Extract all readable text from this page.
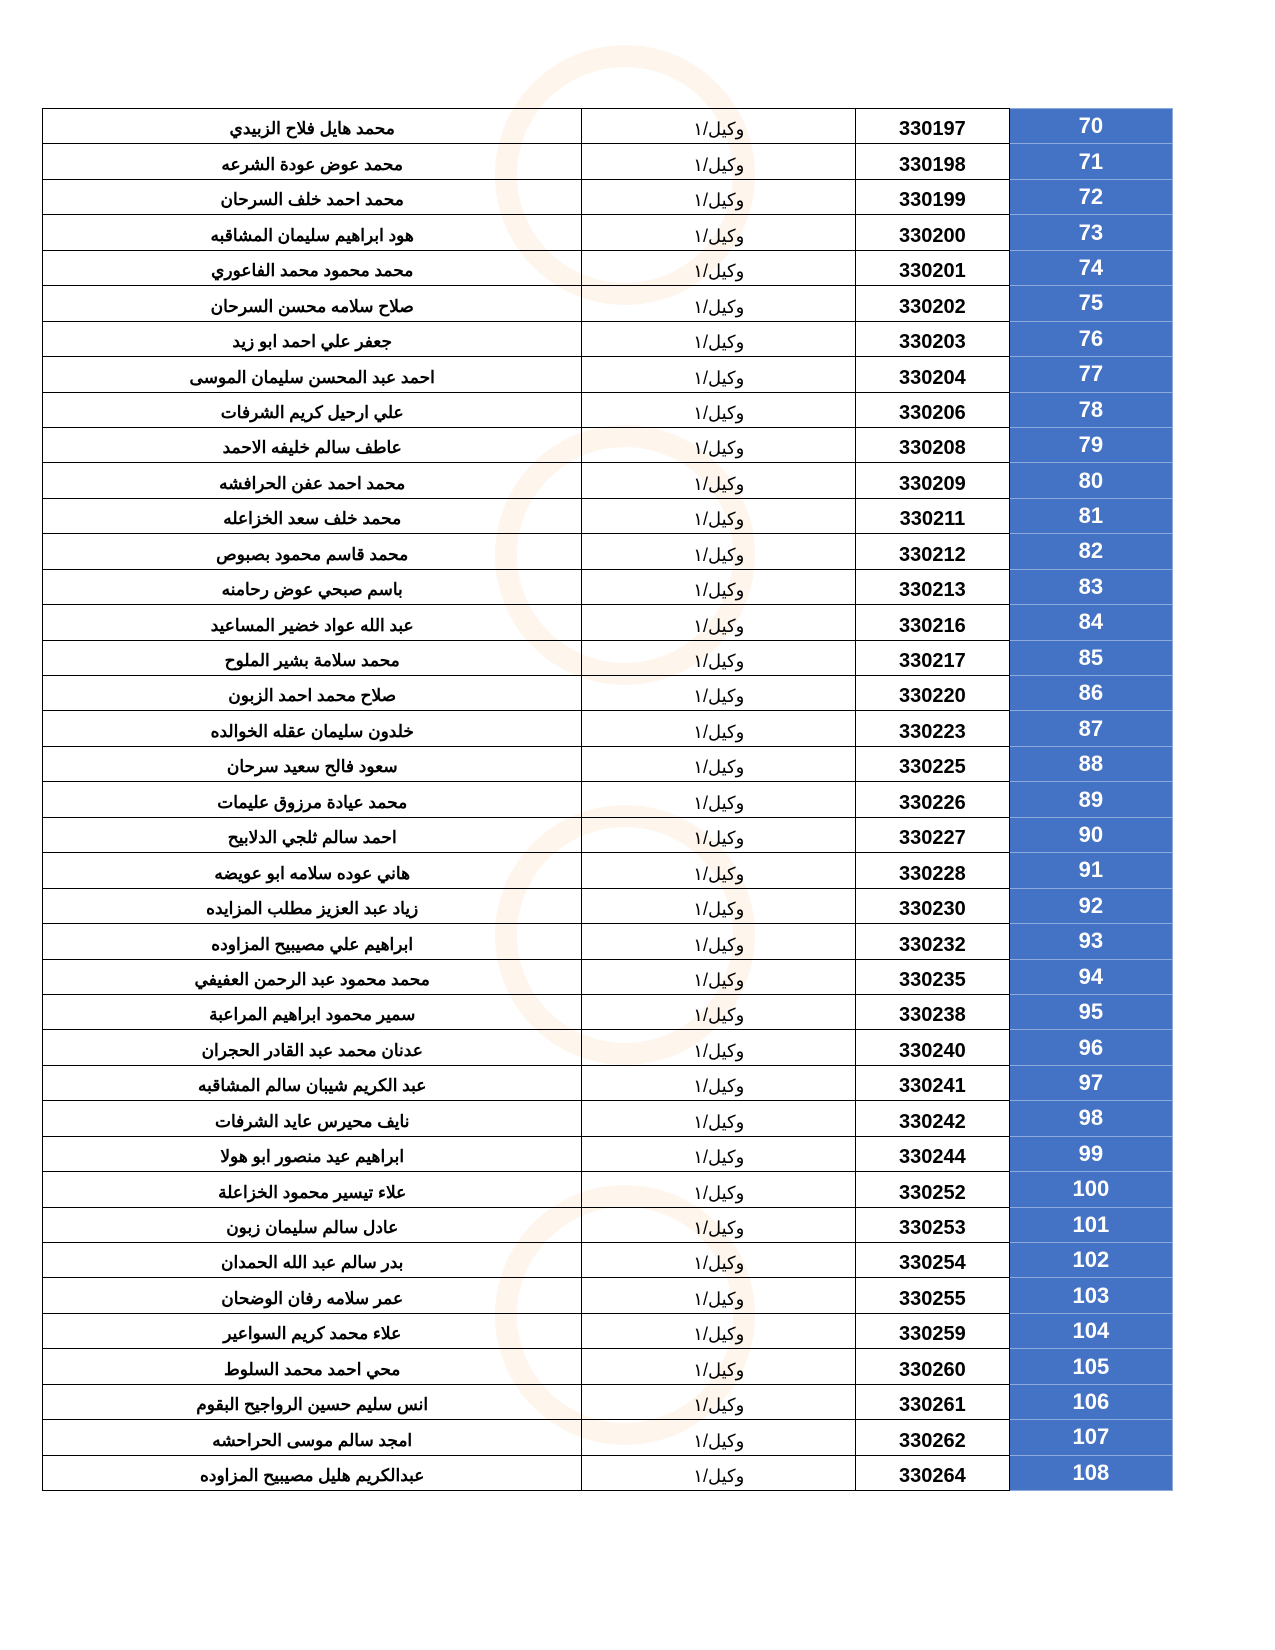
محمد هايل فلاح الزبيدي	وكيل/١	330197	70
محمد عوض عودة الشرعه	وكيل/١	330198	71
محمد احمد خلف السرحان	وكيل/١	330199	72
هود ابراهيم سليمان المشاقبه	وكيل/١	330200	73
محمد محمود محمد الفاعوري	وكيل/١	330201	74
صلاح سلامه محسن السرحان	وكيل/١	330202	75
جعفر علي احمد ابو زيد	وكيل/١	330203	76
احمد عبد المحسن سليمان الموسى	وكيل/١	330204	77
علي ارحيل كريم الشرفات	وكيل/١	330206	78
عاطف سالم خليفه الاحمد	وكيل/١	330208	79
محمد احمد عفن الحرافشه	وكيل/١	330209	80
محمد خلف سعد الخزاعله	وكيل/١	330211	81
محمد قاسم محمود بصبوص	وكيل/١	330212	82
باسم صبحي عوض رحامنه	وكيل/١	330213	83
عبد الله عواد خضير المساعيد	وكيل/١	330216	84
محمد سلامة بشير الملوح	وكيل/١	330217	85
صلاح محمد احمد الزبون	وكيل/١	330220	86
خلدون سليمان عقله الخوالده	وكيل/١	330223	87
سعود فالح سعيد سرحان	وكيل/١	330225	88
محمد عيادة مرزوق عليمات	وكيل/١	330226	89
احمد سالم ثلجي الدلابيح	وكيل/١	330227	90
هاني عوده سلامه ابو عويضه	وكيل/١	330228	91
زياد عبد العزيز مطلب المزايده	وكيل/١	330230	92
ابراهيم علي مصيبيح المزاوده	وكيل/١	330232	93
محمد محمود عبد الرحمن العفيفي	وكيل/١	330235	94
سمير محمود ابراهيم المراعبة	وكيل/١	330238	95
عدنان محمد عبد القادر الحجران	وكيل/١	330240	96
عبد الكريم شيبان سالم المشاقبه	وكيل/١	330241	97
نايف محيرس عايد الشرفات	وكيل/١	330242	98
ابراهيم عيد منصور ابو هولا	وكيل/١	330244	99
علاء تيسير محمود الخزاعلة	وكيل/١	330252	100
عادل سالم سليمان زبون	وكيل/١	330253	101
بدر سالم عبد الله الحمدان	وكيل/١	330254	102
عمر سلامه رفان الوضحان	وكيل/١	330255	103
علاء محمد كريم السواعير	وكيل/١	330259	104
محي احمد محمد السلوط	وكيل/١	330260	105
انس سليم حسين الرواجيح البقوم	وكيل/١	330261	106
امجد سالم موسى الحراحشه	وكيل/١	330262	107
عبدالكريم هليل مصيبيح المزاوده	وكيل/١	330264	108
